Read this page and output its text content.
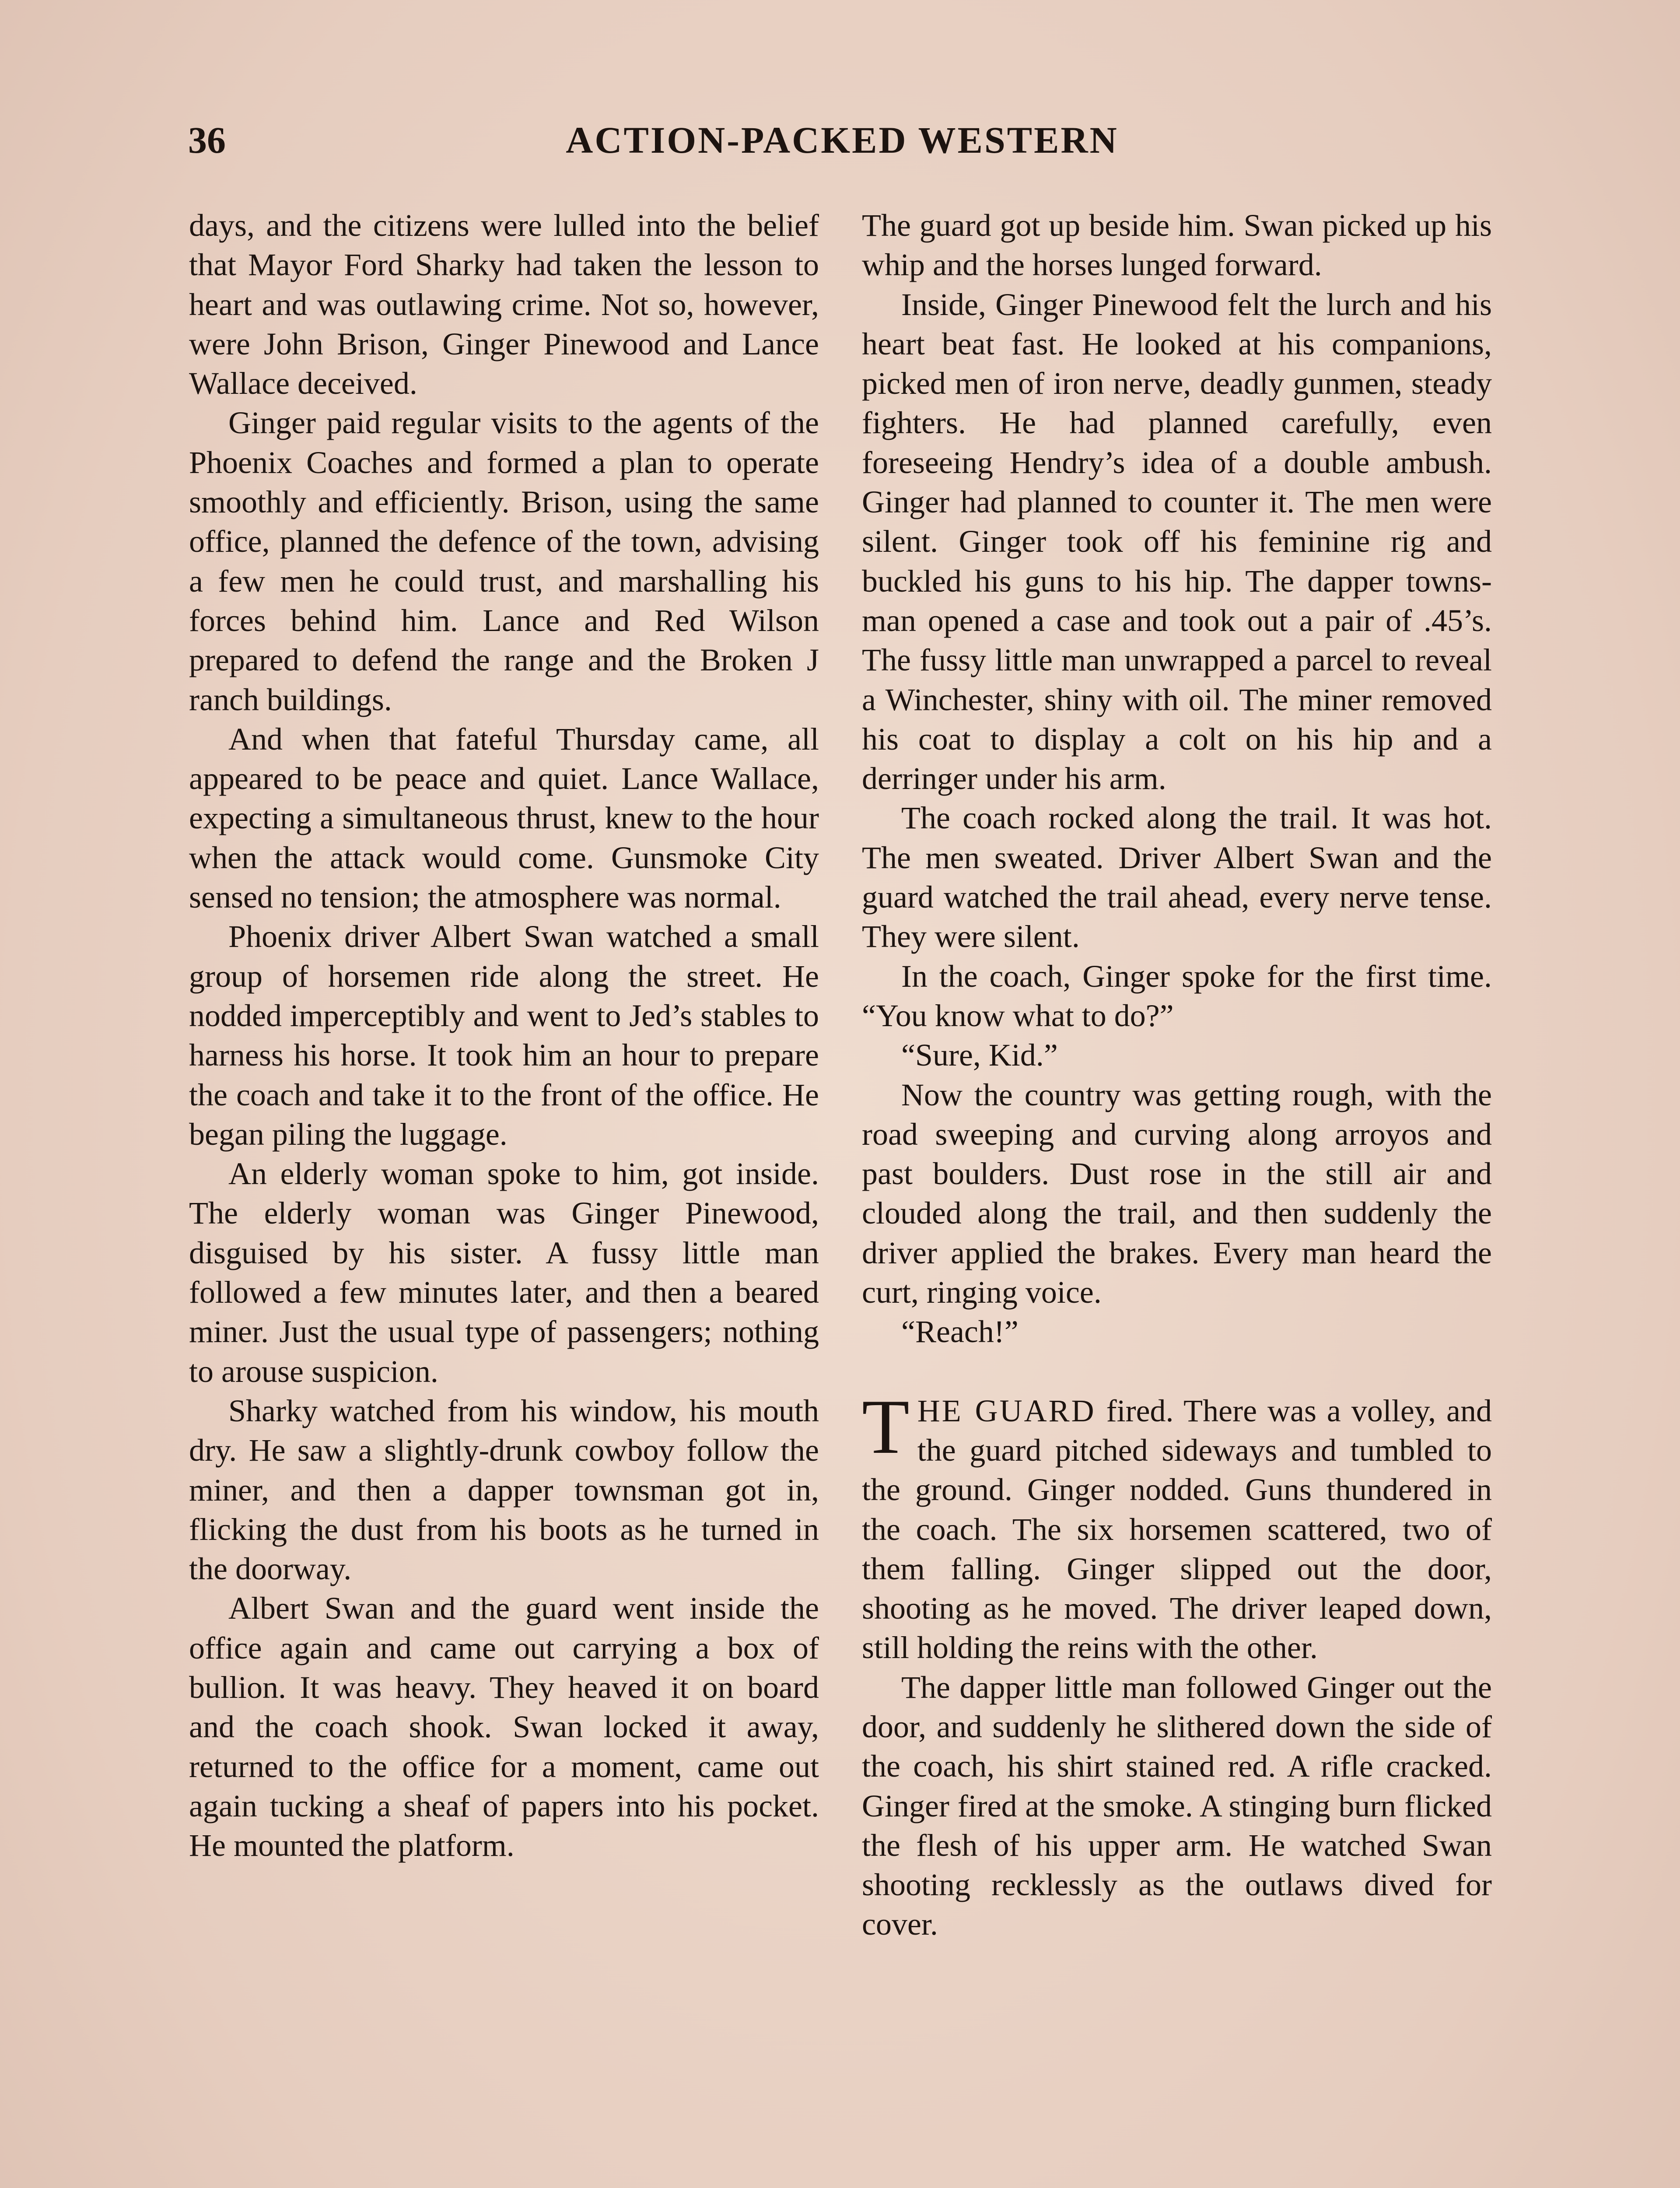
36	ACTION-PACKED WESTERN

days, and the citizens were lulled into the belief that Mayor Ford Sharky had taken the lesson to heart and was outlawing crime. Not so, however, were John Brison, Ginger Pinewood and Lance Wallace deceived.

Ginger paid regular visits to the agents of the Phoenix Coaches and formed a plan to operate smoothly and efficiently. Brison, using the same office, planned the defence of the town, advising a few men he could trust, and marshalling his forces behind him. Lance and Red Wilson prepared to defend the range and the Broken J ranch buildings.

And when that fateful Thursday came, all appeared to be peace and quiet. Lance Wallace, expecting a simultaneous thrust, knew to the hour when the attack would come. Gunsmoke City sensed no tension; the atmosphere was normal.

Phoenix driver Albert Swan watched a small group of horsemen ride along the street. He nodded imperceptibly and went to Jed’s stables to harness his horse. It took him an hour to prepare the coach and take it to the front of the office. He began piling the luggage.

An elderly woman spoke to him, got inside. The elderly woman was Ginger Pinewood, disguised by his sister. A fussy little man followed a few minutes later, and then a beared miner. Just the usual type of passengers; nothing to arouse suspicion.

Sharky watched from his window, his mouth dry. He saw a slightly-drunk cowboy follow the miner, and then a dapper townsman got in, flicking the dust from his boots as he turned in the doorway.

Albert Swan and the guard went inside the office again and came out carrying a box of bullion. It was heavy. They heaved it on board and the coach shook. Swan locked it away, returned to the office for a moment, came out again tucking a sheaf of papers into his pocket. He mounted the platform.

The guard got up beside him. Swan picked up his whip and the horses lunged forward.

Inside, Ginger Pinewood felt the lurch and his heart beat fast. He looked at his companions, picked men of iron nerve, deadly gunmen, steady fighters. He had planned carefully, even foreseeing Hendry’s idea of a double ambush. Ginger had planned to counter it. The men were silent. Ginger took off his feminine rig and buckled his guns to his hip. The dapper townsman opened a case and took out a pair of .45’s. The fussy little man unwrapped a parcel to reveal a Winchester, shiny with oil. The miner removed his coat to display a colt on his hip and a derringer under his arm.

The coach rocked along the trail. It was hot. The men sweated. Driver Albert Swan and the guard watched the trail ahead, every nerve tense. They were silent.

In the coach, Ginger spoke for the first time. “You know what to do?”

“Sure, Kid.”

Now the country was getting rough, with the road sweeping and curving along arroyos and past boulders. Dust rose in the still air and clouded along the trail, and then suddenly the driver applied the brakes. Every man heard the curt, ringing voice.

“Reach!”

THE GUARD fired. There was a volley, and the guard pitched sideways and tumbled to the ground. Ginger nodded. Guns thundered in the coach. The six horsemen scattered, two of them falling. Ginger slipped out the door, shooting as he moved. The driver leaped down, still holding the reins with the other.

The dapper little man followed Ginger out the door, and suddenly he slithered down the side of the coach, his shirt stained red. A rifle cracked. Ginger fired at the smoke. A stinging burn flicked the flesh of his upper arm. He watched Swan shooting recklessly as the outlaws dived for cover.
